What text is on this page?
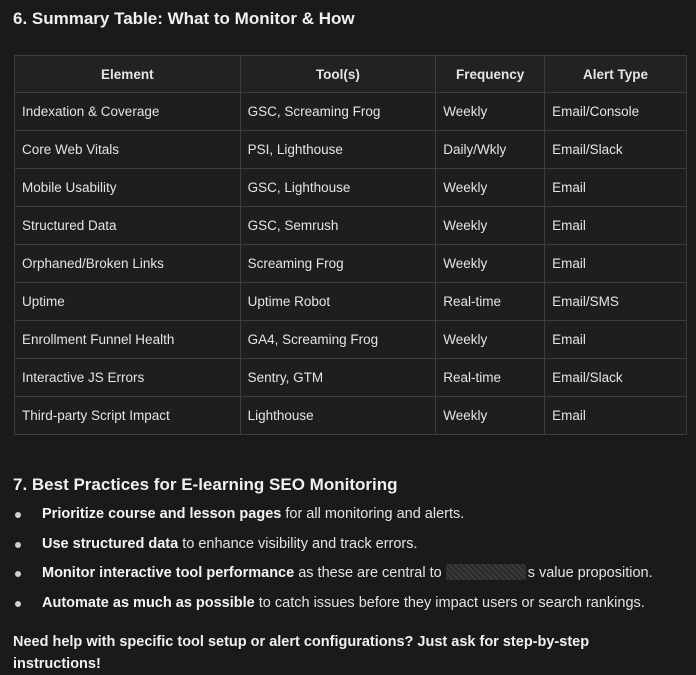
6. Summary Table: What to Monitor & How
Element	Tool(s)	Frequency	Alert Type
Indexation & Coverage	GSC, Screaming Frog	Weekly	Email/Console
Core Web Vitals	PSI, Lighthouse	Daily/Wkly	Email/Slack
Mobile Usability	GSC, Lighthouse	Weekly	Email
Structured Data	GSC, Semrush	Weekly	Email
Orphaned/Broken Links	Screaming Frog	Weekly	Email
Uptime	Uptime Robot	Real-time	Email/SMS
Enrollment Funnel Health	GA4, Screaming Frog	Weekly	Email
Interactive JS Errors	Sentry, GTM	Real-time	Email/Slack
Third-party Script Impact	Lighthouse	Weekly	Email
7. Best Practices for E-learning SEO Monitoring
Prioritize course and lesson pages for all monitoring and alerts.
Use structured data to enhance visibility and track errors.
Monitor interactive tool performance as these are central to	s value proposition.
Automate as much as possible to catch issues before they impact users or search rankings.
Need help with specific tool setup or alert configurations? Just ask for step-by-step instructions!
